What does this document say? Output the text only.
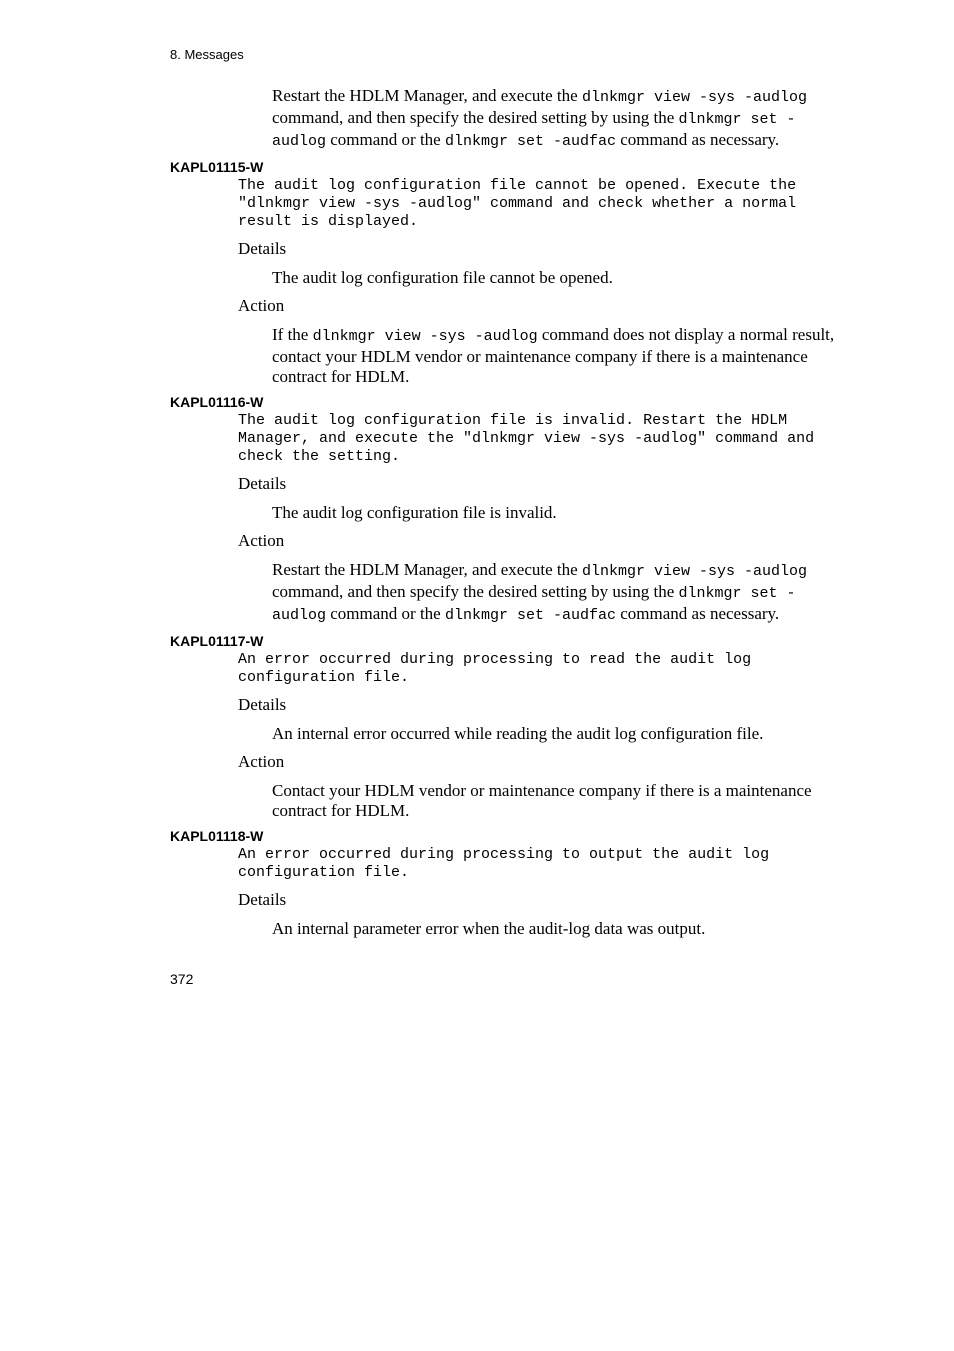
8. Messages
Restart the HDLM Manager, and execute the dlnkmgr view -sys -audlog command, and then specify the desired setting by using the dlnkmgr set -audlog command or the dlnkmgr set -audfac command as necessary.
KAPL01115-W
The audit log configuration file cannot be opened. Execute the "dlnkmgr view -sys -audlog" command and check whether a normal result is displayed.
Details
The audit log configuration file cannot be opened.
Action
If the dlnkmgr view -sys -audlog command does not display a normal result, contact your HDLM vendor or maintenance company if there is a maintenance contract for HDLM.
KAPL01116-W
The audit log configuration file is invalid. Restart the HDLM Manager, and execute the "dlnkmgr view -sys -audlog" command and check the setting.
Details
The audit log configuration file is invalid.
Action
Restart the HDLM Manager, and execute the dlnkmgr view -sys -audlog command, and then specify the desired setting by using the dlnkmgr set -audlog command or the dlnkmgr set -audfac command as necessary.
KAPL01117-W
An error occurred during processing to read the audit log configuration file.
Details
An internal error occurred while reading the audit log configuration file.
Action
Contact your HDLM vendor or maintenance company if there is a maintenance contract for HDLM.
KAPL01118-W
An error occurred during processing to output the audit log configuration file.
Details
An internal parameter error when the audit-log data was output.
372
